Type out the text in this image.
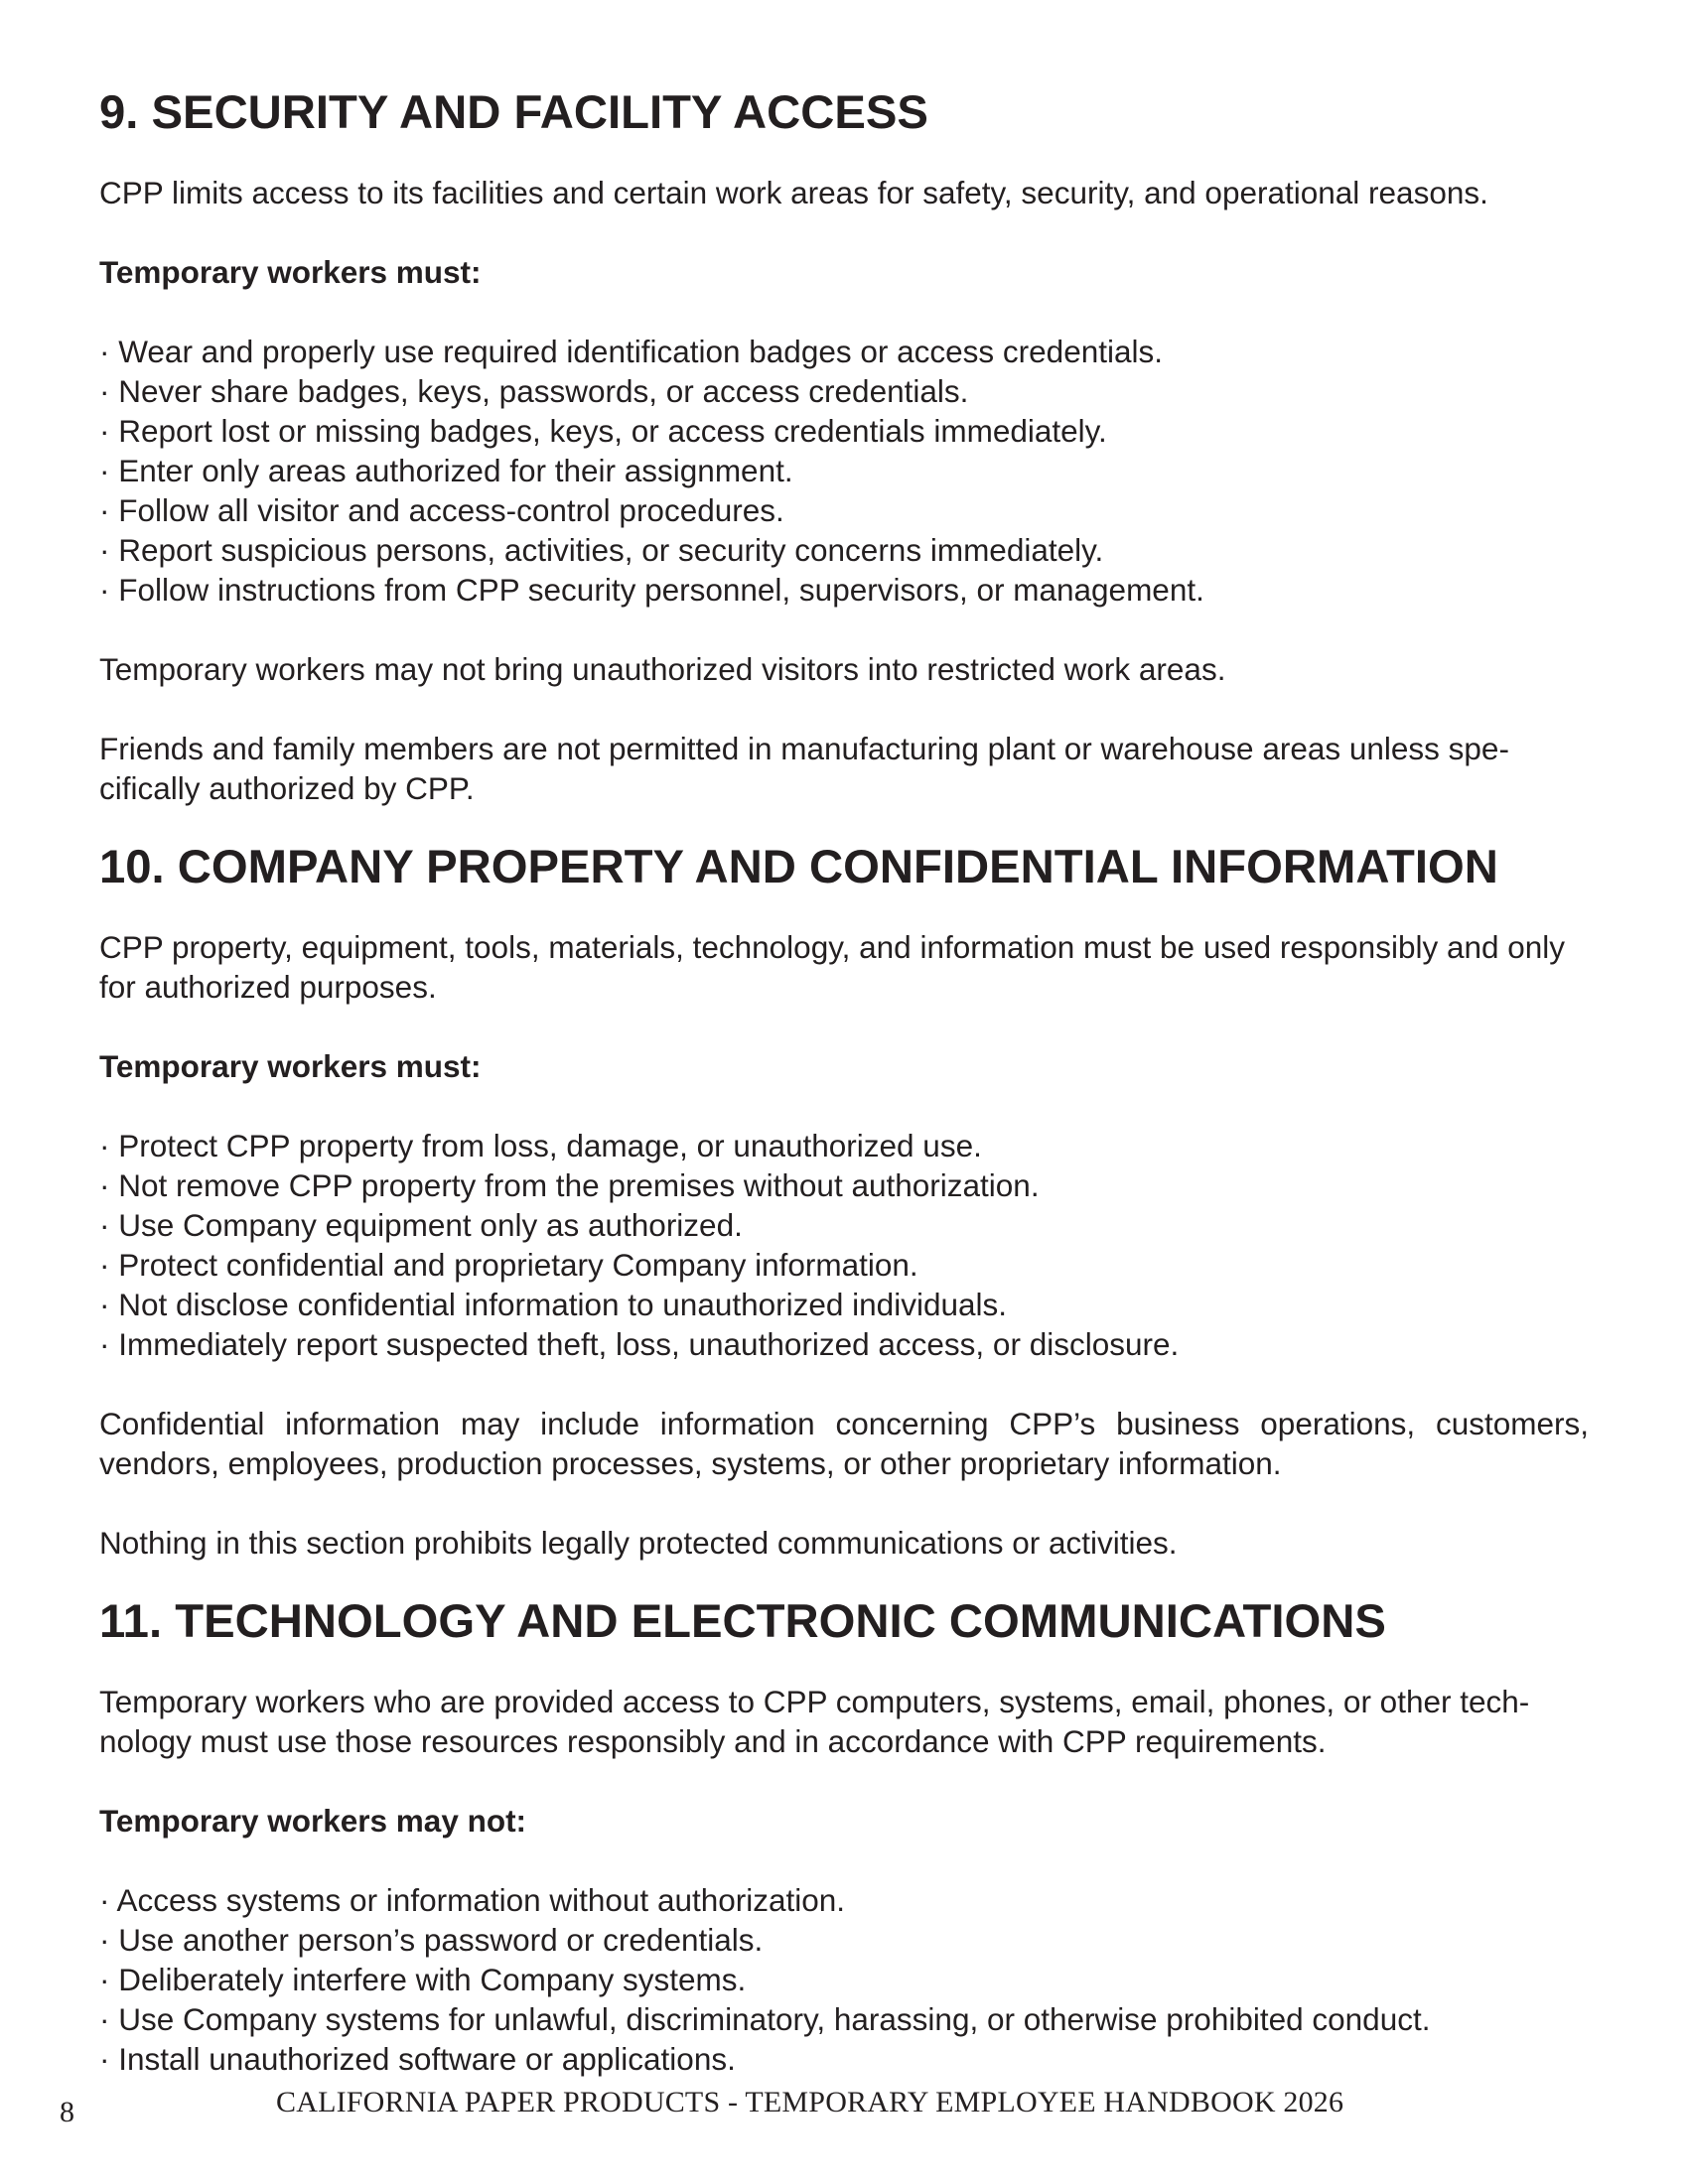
9. SECURITY AND FACILITY ACCESS

CPP limits access to its facilities and certain work areas for safety, security, and operational reasons.

Temporary workers must:

· Wear and properly use required identification badges or access credentials.
· Never share badges, keys, passwords, or access credentials.
· Report lost or missing badges, keys, or access credentials immediately.
· Enter only areas authorized for their assignment.
· Follow all visitor and access-control procedures.
· Report suspicious persons, activities, or security concerns immediately.
· Follow instructions from CPP security personnel, supervisors, or management.

Temporary workers may not bring unauthorized visitors into restricted work areas.

Friends and family members are not permitted in manufacturing plant or warehouse areas unless spe-cifically authorized by CPP.

10. COMPANY PROPERTY AND CONFIDENTIAL INFORMATION

CPP property, equipment, tools, materials, technology, and information must be used responsibly and only for authorized purposes.

Temporary workers must:

· Protect CPP property from loss, damage, or unauthorized use.
· Not remove CPP property from the premises without authorization.
· Use Company equipment only as authorized.
· Protect confidential and proprietary Company information.
· Not disclose confidential information to unauthorized individuals.
· Immediately report suspected theft, loss, unauthorized access, or disclosure.

Confidential information may include information concerning CPP’s business operations, customers, vendors, employees, production processes, systems, or other proprietary information.

Nothing in this section prohibits legally protected communications or activities.

11. TECHNOLOGY AND ELECTRONIC COMMUNICATIONS

Temporary workers who are provided access to CPP computers, systems, email, phones, or other tech-nology must use those resources responsibly and in accordance with CPP requirements.

Temporary workers may not:

· Access systems or information without authorization.
· Use another person’s password or credentials.
· Deliberately interfere with Company systems.
· Use Company systems for unlawful, discriminatory, harassing, or otherwise prohibited conduct.
· Install unauthorized software or applications.
8	CALIFORNIA PAPER PRODUCTS - TEMPORARY EMPLOYEE HANDBOOK 2026
